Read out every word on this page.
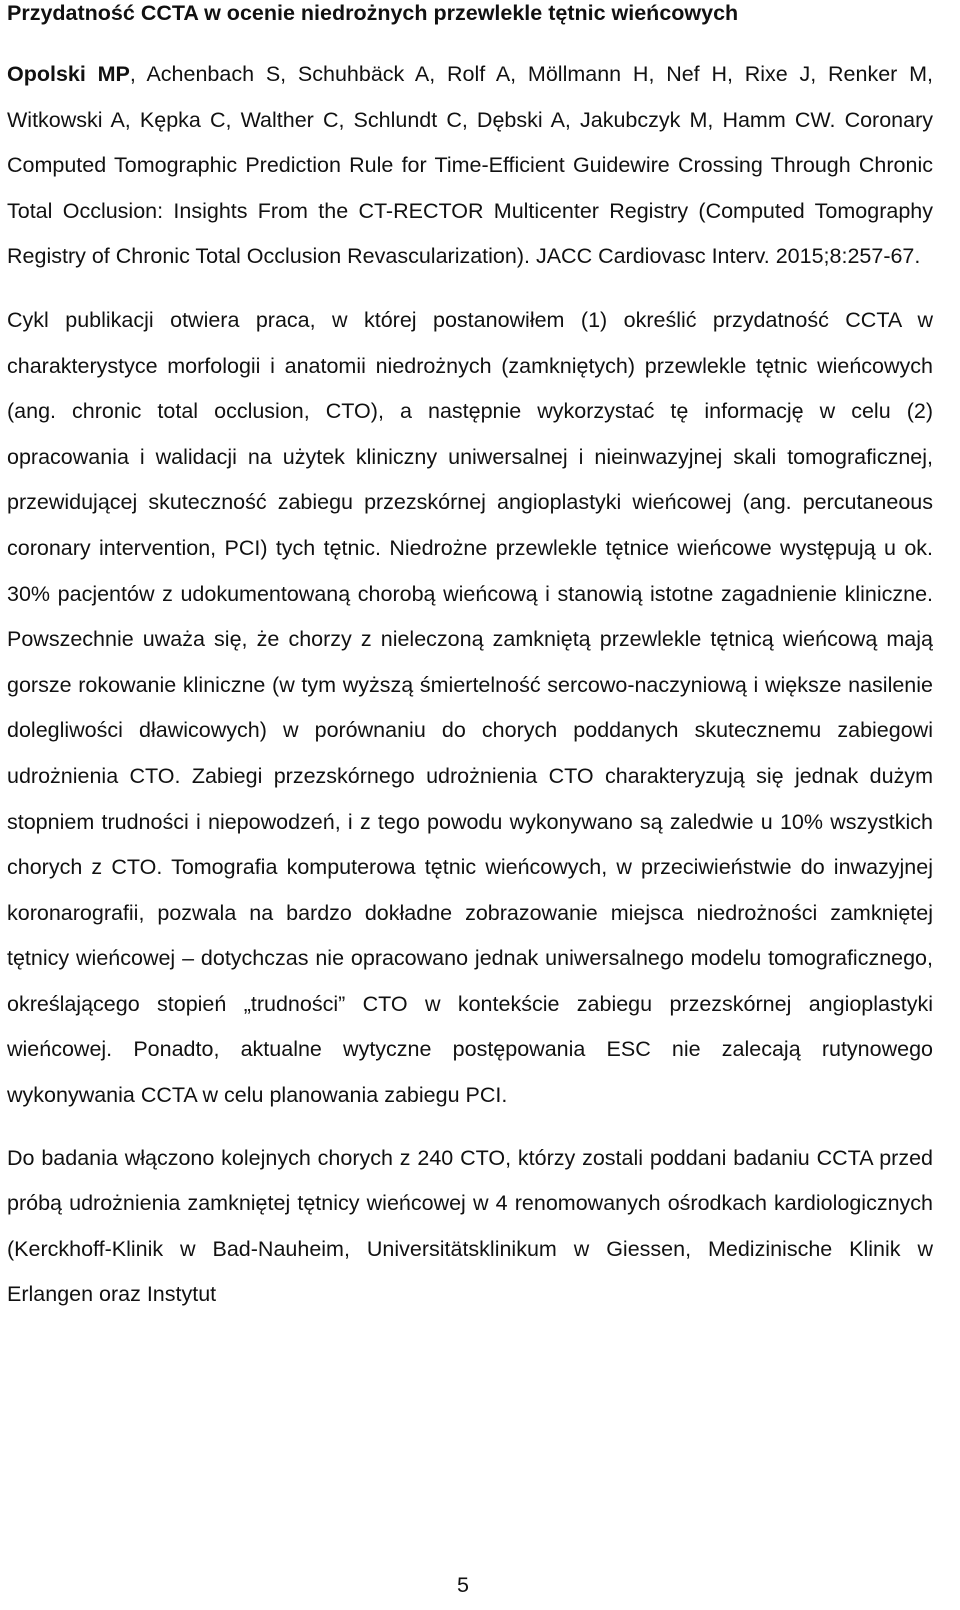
Przydatność CCTA w ocenie niedrożnych przewlekle tętnic wieńcowych

Opolski MP, Achenbach S, Schuhbäck A, Rolf A, Möllmann H, Nef H, Rixe J, Renker M, Witkowski A, Kępka C, Walther C, Schlundt C, Dębski A, Jakubczyk M, Hamm CW. Coronary Computed Tomographic Prediction Rule for Time-Efficient Guidewire Crossing Through Chronic Total Occlusion: Insights From the CT-RECTOR Multicenter Registry (Computed Tomography Registry of Chronic Total Occlusion Revascularization). JACC Cardiovasc Interv. 2015;8:257-67.

Cykl publikacji otwiera praca, w której postanowiłem (1) określić przydatność CCTA w charakterystyce morfologii i anatomii niedrożnych (zamkniętych) przewlekle tętnic wieńcowych (ang. chronic total occlusion, CTO), a następnie wykorzystać tę informację w celu (2) opracowania i walidacji na użytek kliniczny uniwersalnej i nieinwazyjnej skali tomograficznej, przewidującej skuteczność zabiegu przezskórnej angioplastyki wieńcowej (ang. percutaneous coronary intervention, PCI) tych tętnic. Niedrożne przewlekle tętnice wieńcowe występują u ok. 30% pacjentów z udokumentowaną chorobą wieńcową i stanowią istotne zagadnienie kliniczne. Powszechnie uważa się, że chorzy z nieleczoną zamkniętą przewlekle tętnicą wieńcową mają gorsze rokowanie kliniczne (w tym wyższą śmiertelność sercowo-naczyniową i większe nasilenie dolegliwości dławicowych) w porównaniu do chorych poddanych skutecznemu zabiegowi udrożnienia CTO. Zabiegi przezskórnego udrożnienia CTO charakteryzują się jednak dużym stopniem trudności i niepowodzeń, i z tego powodu wykonywano są zaledwie u 10% wszystkich chorych z CTO. Tomografia komputerowa tętnic wieńcowych, w przeciwieństwie do inwazyjnej koronarografii, pozwala na bardzo dokładne zobrazowanie miejsca niedrożności zamkniętej tętnicy wieńcowej – dotychczas nie opracowano jednak uniwersalnego modelu tomograficznego, określającego stopień „trudności” CTO w kontekście zabiegu przezskórnej angioplastyki wieńcowej. Ponadto, aktualne wytyczne postępowania ESC nie zalecają rutynowego wykonywania CCTA w celu planowania zabiegu PCI.

Do badania włączono kolejnych chorych z 240 CTO, którzy zostali poddani badaniu CCTA przed próbą udrożnienia zamkniętej tętnicy wieńcowej w 4 renomowanych ośrodkach kardiologicznych (Kerckhoff-Klinik w Bad-Nauheim, Universitätsklinikum w Giessen, Medizinische Klinik w Erlangen oraz Instytut

5
